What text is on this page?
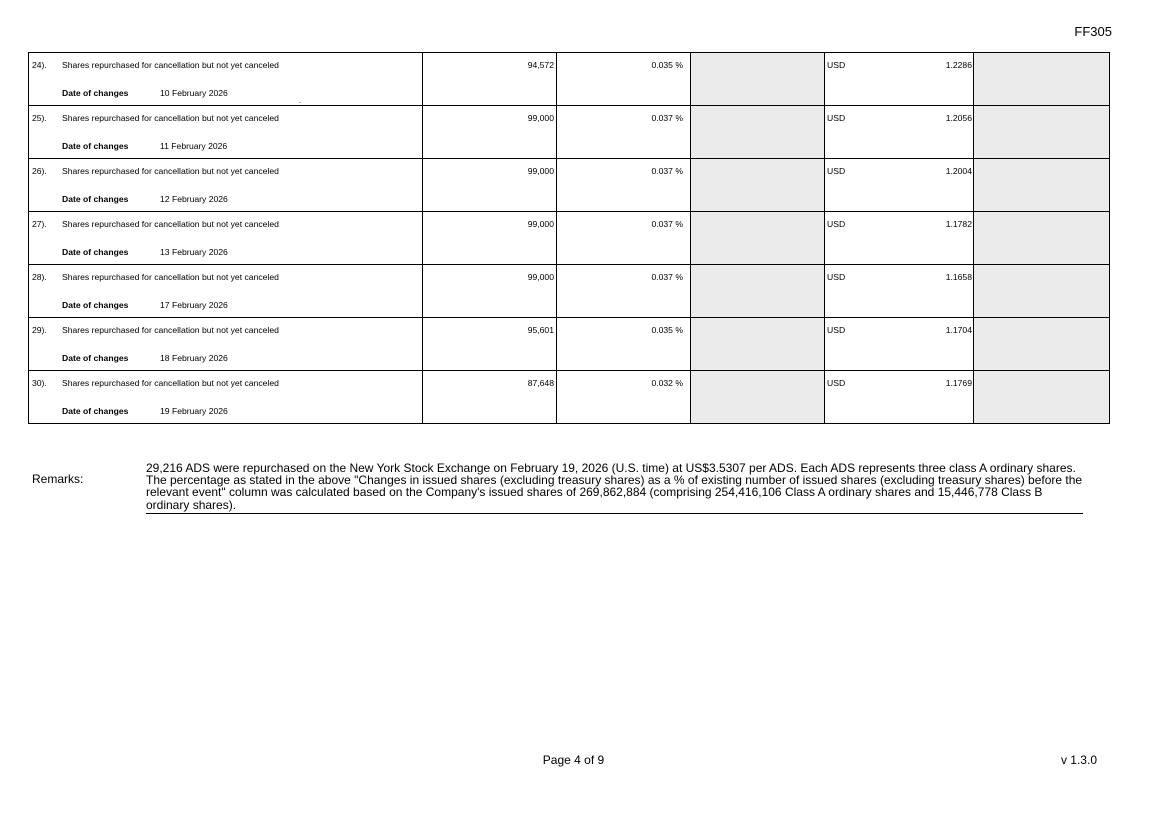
FF305
24). Shares repurchased for cancellation but not yet canceled
Date of changes 10 February 2026
.	94,572	0.035 %		USD 1.2286	

25). Shares repurchased for cancellation but not yet canceled
Date of changes 11 February 2026	99,000	0.037 %		USD 1.2056	

26). Shares repurchased for cancellation but not yet canceled
Date of changes 12 February 2026	99,000	0.037 %		USD 1.2004	

27). Shares repurchased for cancellation but not yet canceled
Date of changes 13 February 2026	99,000	0.037 %		USD 1.1782	

28). Shares repurchased for cancellation but not yet canceled
Date of changes 17 February 2026	99,000	0.037 %		USD 1.1658	

29). Shares repurchased for cancellation but not yet canceled
Date of changes 18 February 2026	95,601	0.035 %		USD 1.1704	

30). Shares repurchased for cancellation but not yet canceled
Date of changes 19 February 2026	87,648	0.032 %		USD 1.1769	

Remarks:

29,216 ADS were repurchased on the New York Stock Exchange on February 19, 2026 (U.S. time) at US$3.5307 per ADS. Each ADS represents three class A ordinary shares.

The percentage as stated in the above "Changes in issued shares (excluding treasury shares) as a % of existing number of issued shares (excluding treasury shares) before the relevant event" column was calculated based on the Company's issued shares of 269,862,884 (comprising 254,416,106 Class A ordinary shares and 15,446,778 Class B ordinary shares).

Page 4 of 9	v 1.3.0
